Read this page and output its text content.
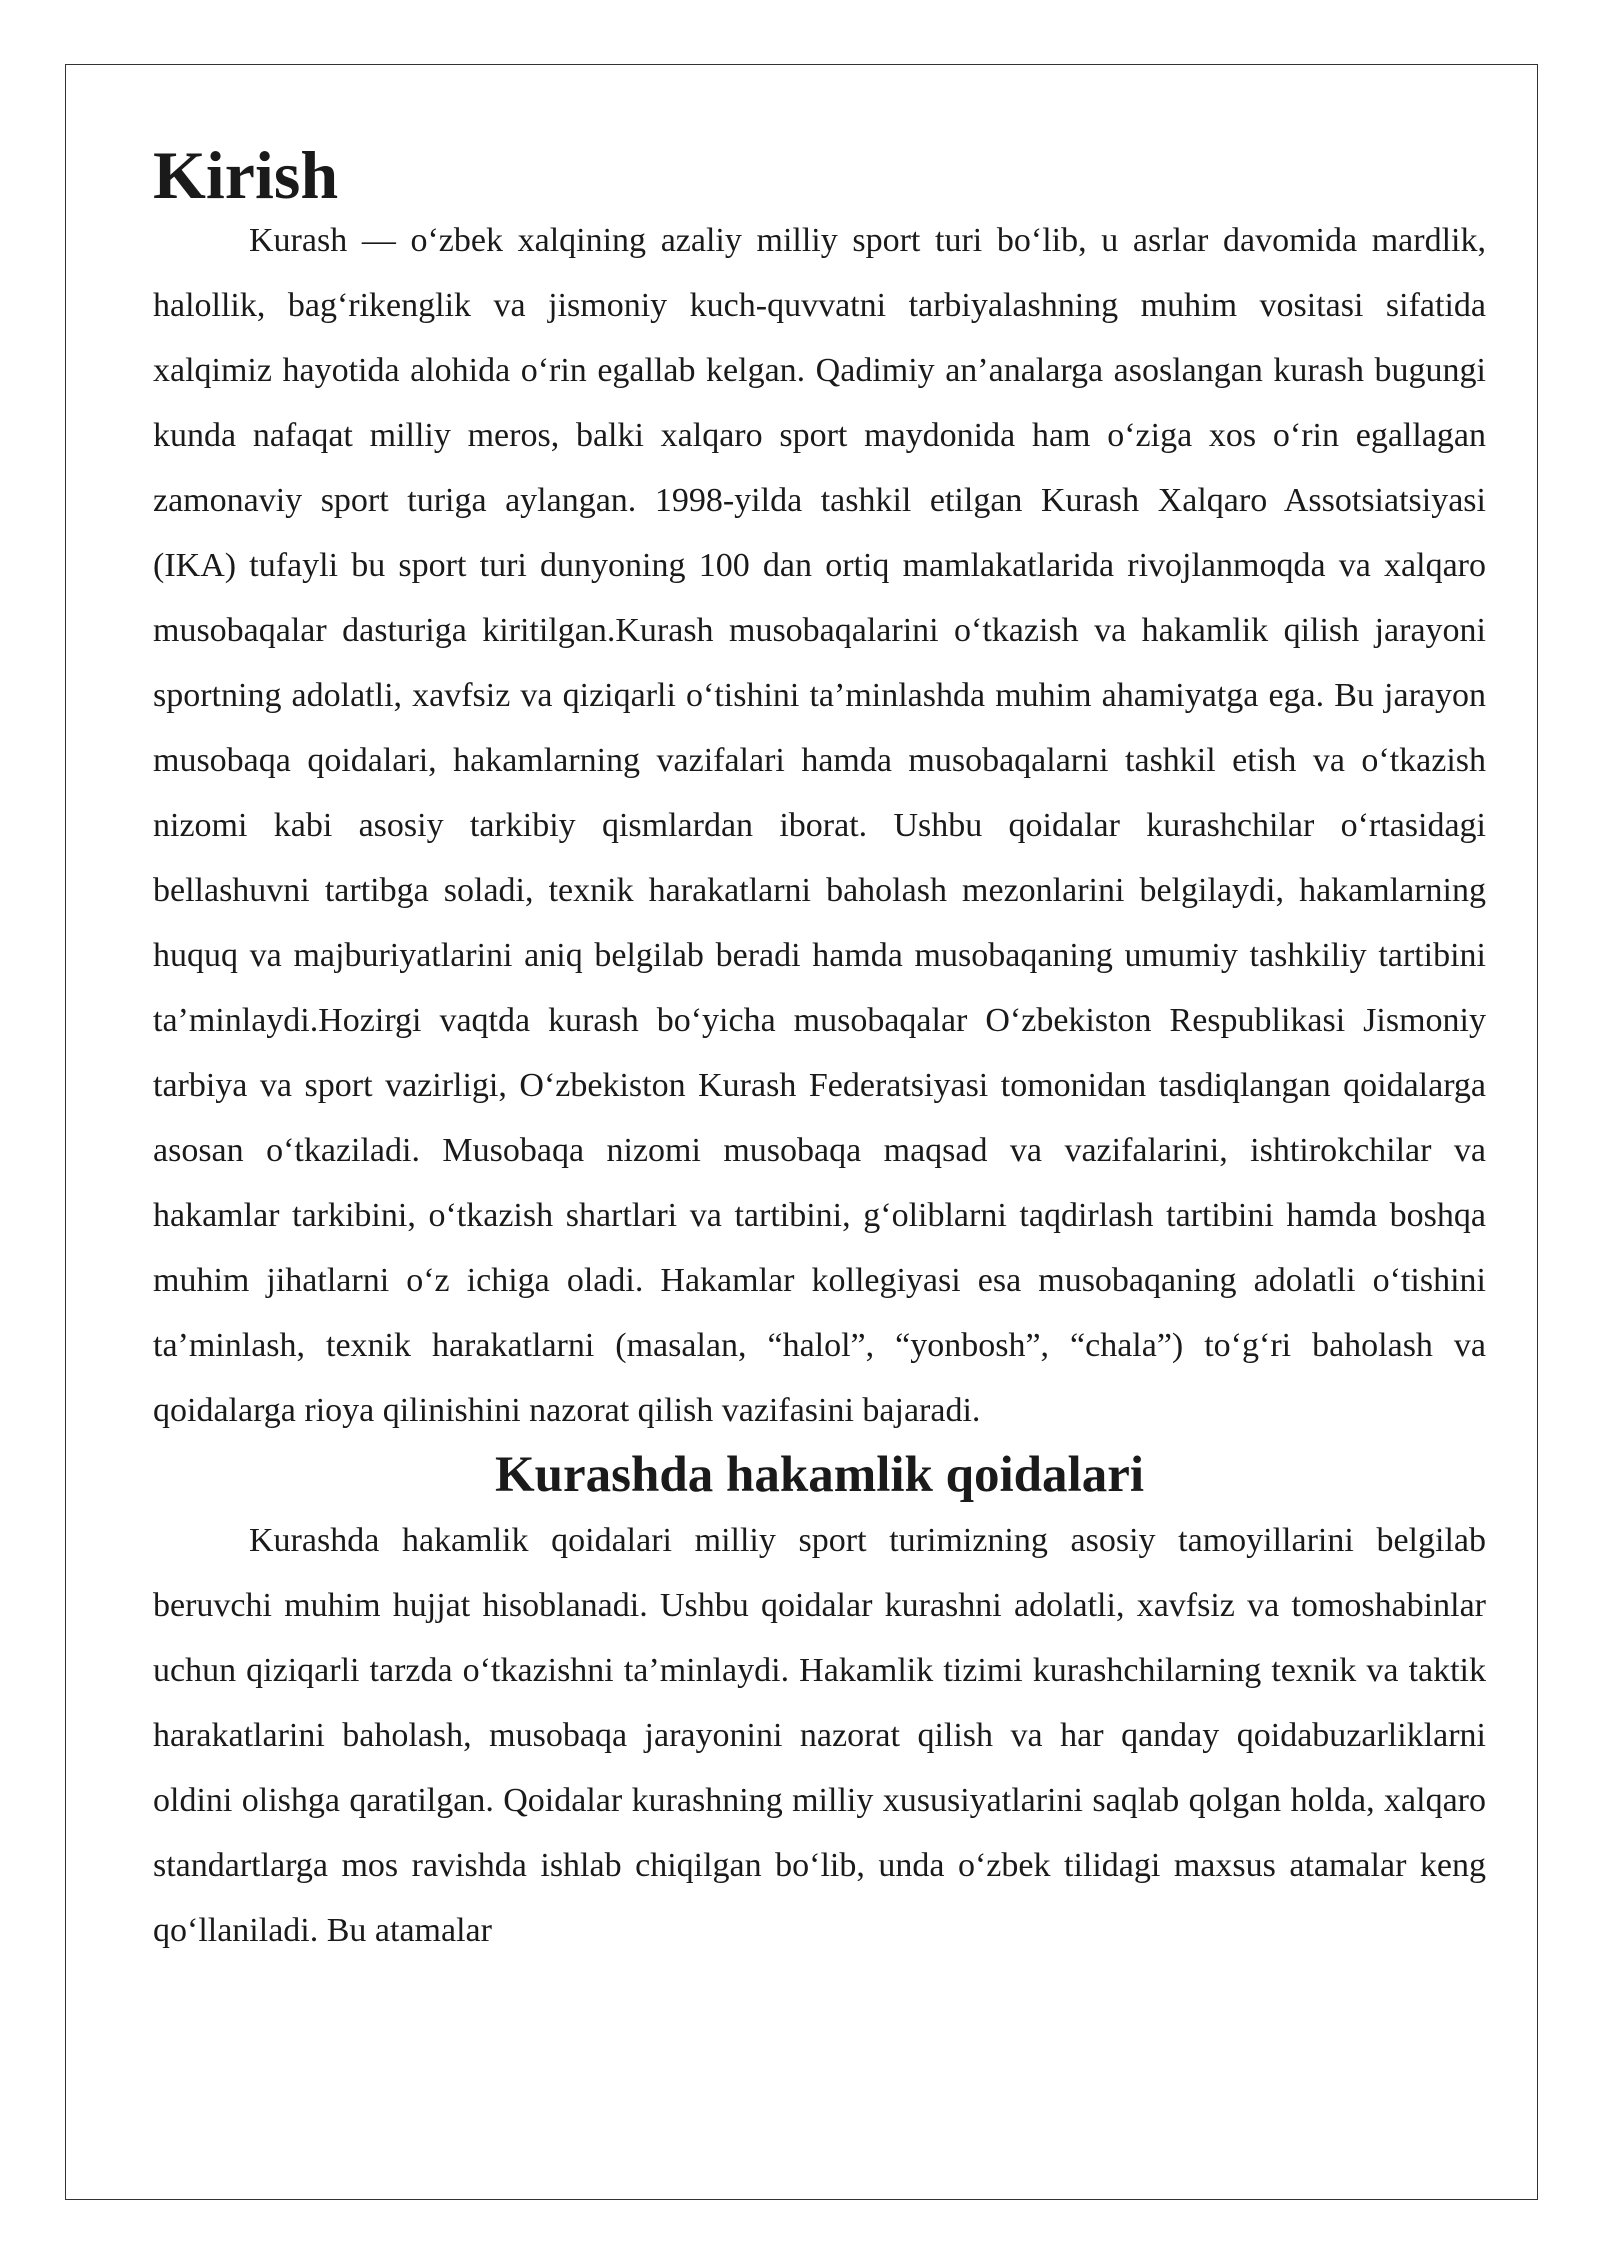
Kirish

Kurash — o‘zbek xalqining azaliy milliy sport turi bo‘lib, u asrlar davomida mardlik, halollik, bag‘rikenglik va jismoniy kuch-quvvatni tarbiyalashning muhim vositasi sifatida xalqimiz hayotida alohida o‘rin egallab kelgan. Qadimiy an’analarga asoslangan kurash bugungi kunda nafaqat milliy meros, balki xalqaro sport maydonida ham o‘ziga xos o‘rin egallagan zamonaviy sport turiga aylangan. 1998-yilda tashkil etilgan Kurash Xalqaro Assotsiatsiyasi (IKA) tufayli bu sport turi dunyoning 100 dan ortiq mamlakatlarida rivojlanmoqda va xalqaro musobaqalar dasturiga kiritilgan.Kurash musobaqalarini o‘tkazish va hakamlik qilish jarayoni sportning adolatli, xavfsiz va qiziqarli o‘tishini ta’minlashda muhim ahamiyatga ega. Bu jarayon musobaqa qoidalari, hakamlarning vazifalari hamda musobaqalarni tashkil etish va o‘tkazish nizomi kabi asosiy tarkibiy qismlardan iborat. Ushbu qoidalar kurashchilar o‘rtasidagi bellashuvni tartibga soladi, texnik harakatlarni baholash mezonlarini belgilaydi, hakamlarning huquq va majburiyatlarini aniq belgilab beradi hamda musobaqaning umumiy tashkiliy tartibini ta’minlaydi.Hozirgi vaqtda kurash bo‘yicha musobaqalar O‘zbekiston Respublikasi Jismoniy tarbiya va sport vazirligi, O‘zbekiston Kurash Federatsiyasi tomonidan tasdiqlangan qoidalarga asosan o‘tkaziladi. Musobaqa nizomi musobaqa maqsad va vazifalarini, ishtirokchilar va hakamlar tarkibini, o‘tkazish shartlari va tartibini, g‘oliblarni taqdirlash tartibini hamda boshqa muhim jihatlarni o‘z ichiga oladi. Hakamlar kollegiyasi esa musobaqaning adolatli o‘tishini ta’minlash, texnik harakatlarni (masalan, “halol”, “yonbosh”, “chala”) to‘g‘ri baholash va qoidalarga rioya qilinishini nazorat qilish vazifasini bajaradi.

Kurashda hakamlik qoidalari

Kurashda hakamlik qoidalari milliy sport turimizning asosiy tamoyillarini belgilab beruvchi muhim hujjat hisoblanadi. Ushbu qoidalar kurashni adolatli, xavfsiz va tomoshabinlar uchun qiziqarli tarzda o‘tkazishni ta’minlaydi. Hakamlik tizimi kurashchilarning texnik va taktik harakatlarini baholash, musobaqa jarayonini nazorat qilish va har qanday qoidabuzarliklarni oldini olishga qaratilgan. Qoidalar kurashning milliy xususiyatlarini saqlab qolgan holda, xalqaro standartlarga mos ravishda ishlab chiqilgan bo‘lib, unda o‘zbek tilidagi maxsus atamalar keng qo‘llaniladi. Bu atamalar
